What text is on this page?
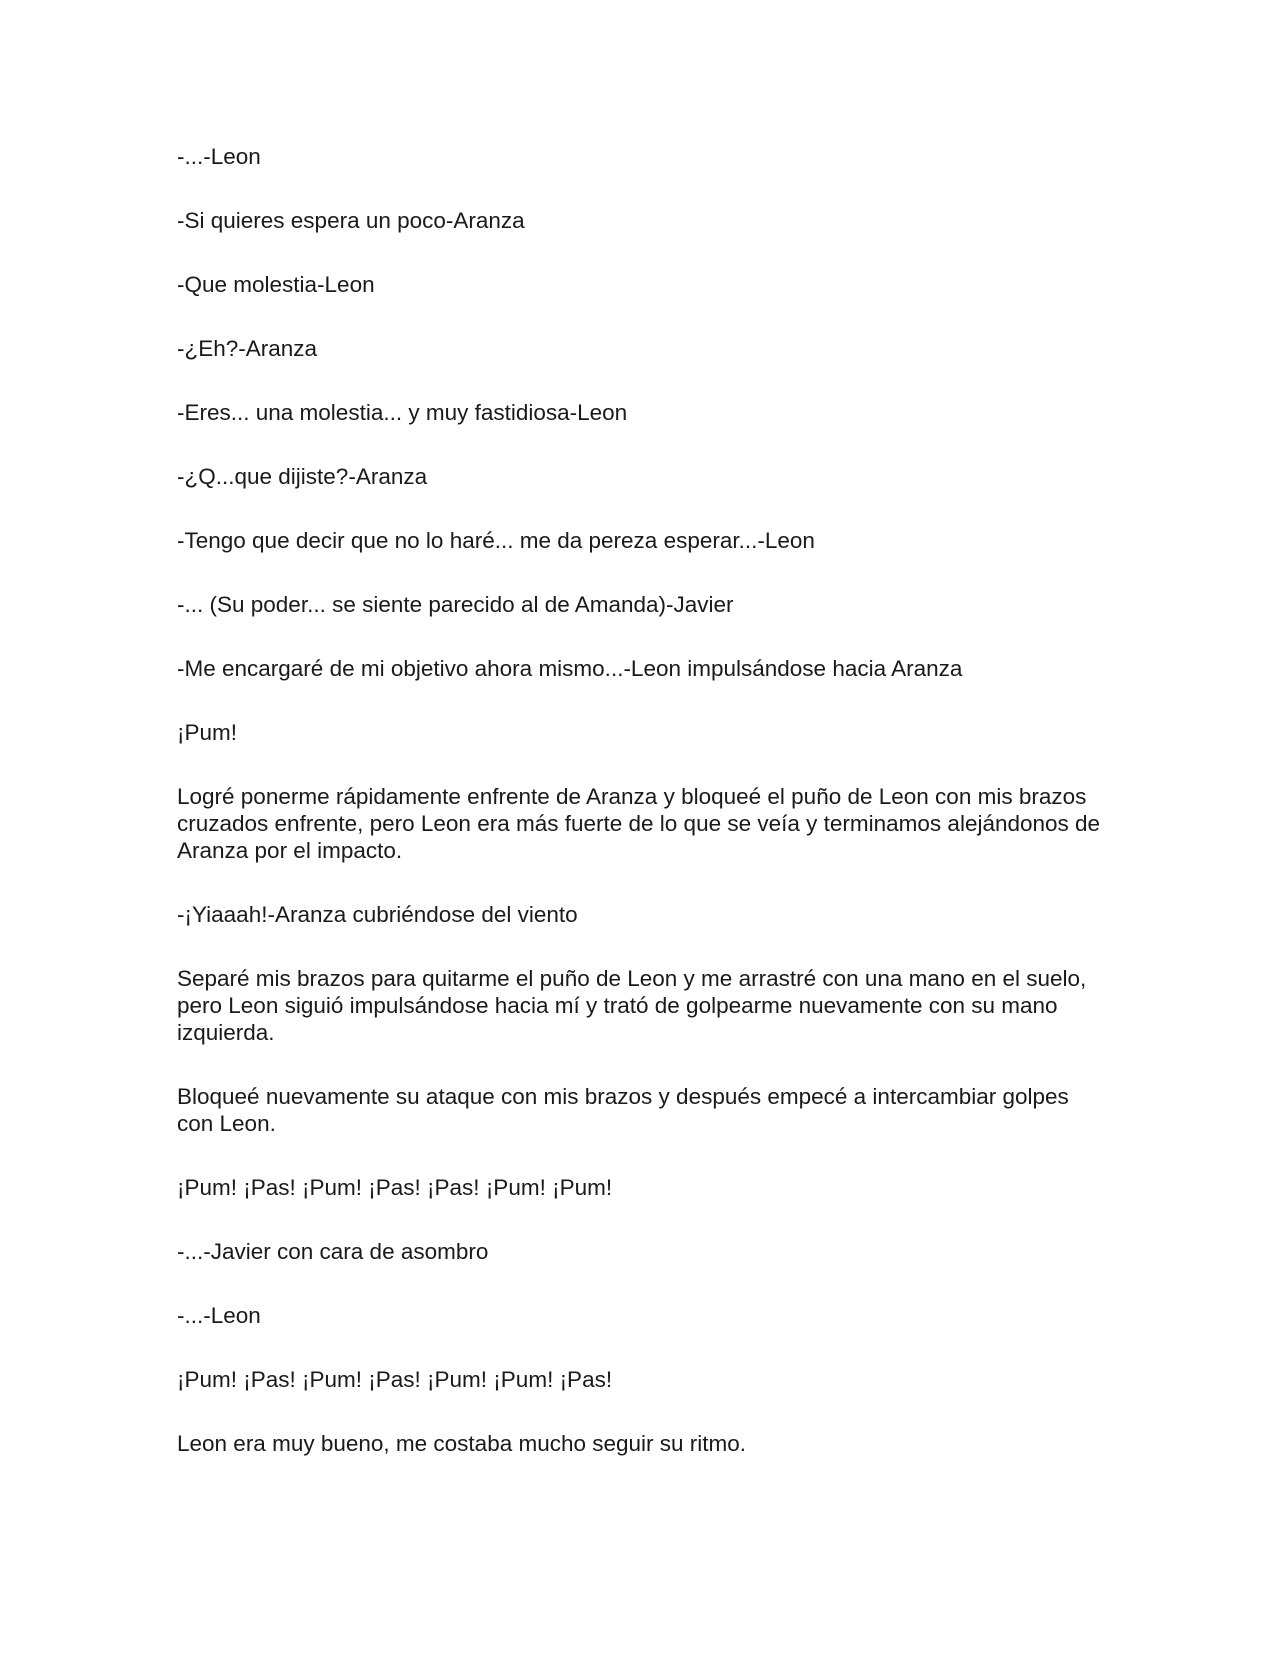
-...-Leon

-Si quieres espera un poco-Aranza

-Que molestia-Leon

-¿Eh?-Aranza

-Eres... una molestia... y muy fastidiosa-Leon

-¿Q...que dijiste?-Aranza

-Tengo que decir que no lo haré... me da pereza esperar...-Leon

-... (Su poder... se siente parecido al de Amanda)-Javier

-Me encargaré de mi objetivo ahora mismo...-Leon impulsándose hacia Aranza

¡Pum!

Logré ponerme rápidamente enfrente de Aranza y bloqueé el puño de Leon con mis brazos cruzados enfrente, pero Leon era más fuerte de lo que se veía y terminamos alejándonos de Aranza por el impacto.

-¡Yiaaah!-Aranza cubriéndose del viento

Separé mis brazos para quitarme el puño de Leon y me arrastré con una mano en el suelo, pero Leon siguió impulsándose hacia mí y trató de golpearme nuevamente con su mano izquierda.

Bloqueé nuevamente su ataque con mis brazos y después empecé a intercambiar golpes con Leon.

¡Pum! ¡Pas! ¡Pum! ¡Pas! ¡Pas! ¡Pum! ¡Pum!

-...-Javier con cara de asombro

-...-Leon

¡Pum! ¡Pas! ¡Pum! ¡Pas! ¡Pum! ¡Pum! ¡Pas!

Leon era muy bueno, me costaba mucho seguir su ritmo.
